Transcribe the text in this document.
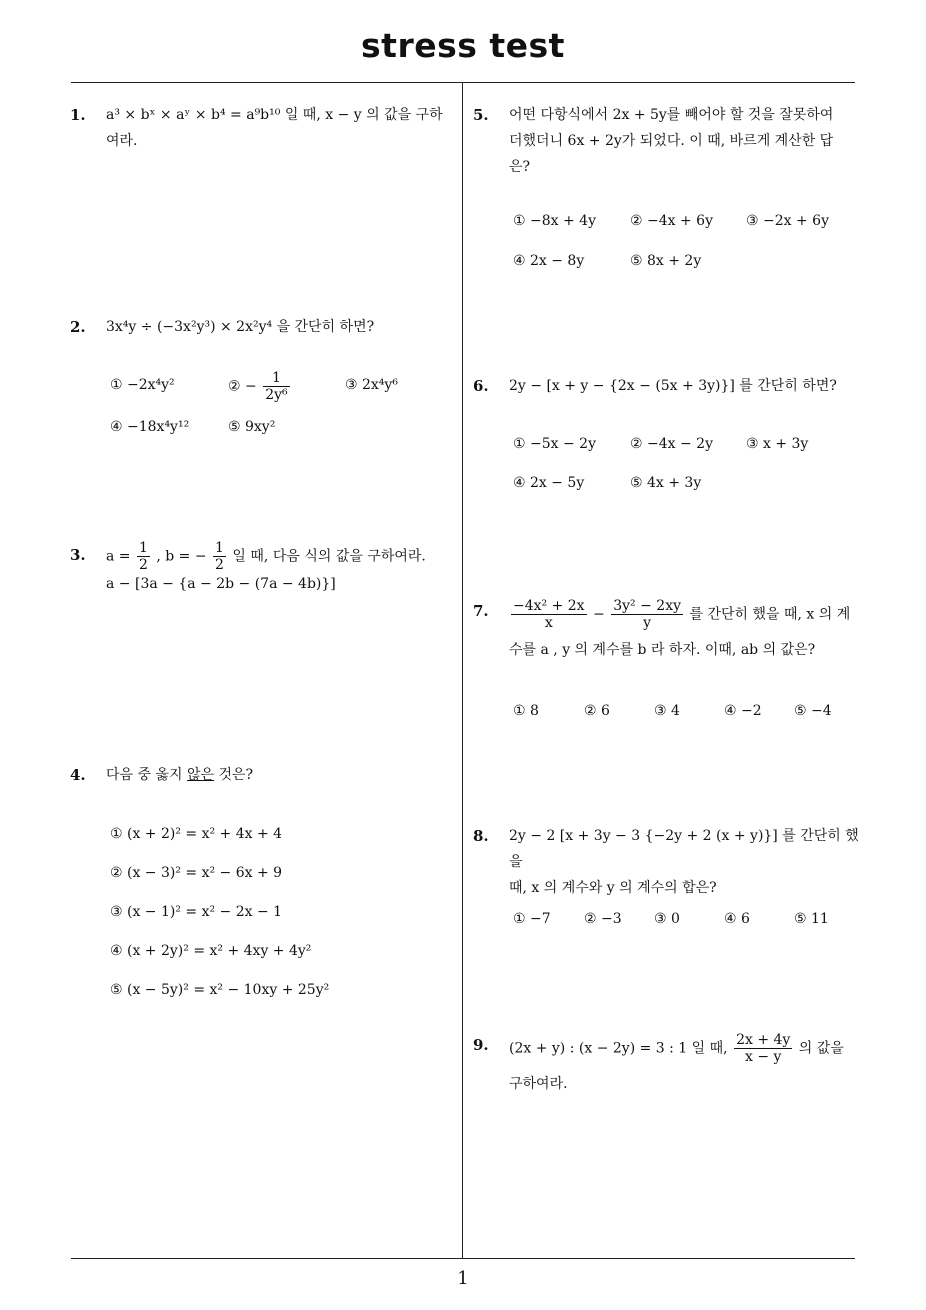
stress test
1. a³ × bˣ × aʸ × b⁴ = a⁹b¹⁰ 일 때, x − y 의 값을 구하
여라.
2. 3x⁴y ÷ (−3x²y³) × 2x²y⁴ 을 간단히 하면?
① −2x⁴y²	② − $\frac{1}{\text{2y⁶}}$	③ 2x⁴y⁶
④ −18x⁴y¹²	⑤ 9xy²
3. $a = \frac{1}{2}$ , b = − $\frac{1}{2}$ 일 때, 다음 식의 값을 구하여라.
a − [3a − {a − 2b − (7a − 4b)}]
4. 다음 중 옳지 않은 것은?
① (x + 2)² = x² + 4x + 4
② (x − 3)² = x² − 6x + 9
③ (x − 1)² = x² − 2x − 1
④ (x + 2y)² = x² + 4xy + 4y²
⑤ (x − 5y)² = x² − 10xy + 25y²
5. 어떤 다항식에서 2x + 5y를 빼어야 할 것을 잘못하여
더했더니 6x + 2y가 되었다. 이 때, 바르게 계산한 답
은?
① −8x + 4y ② −4x + 6y ③ −2x + 6y
④ 2x − 8y	⑤ 8x + 2y
6. 2y − [x + y − {2x − (5x + 3y)}] 를 간단히 하면?
① −5x − 2y ② −4x − 2y ③ x + 3y
④ 2x − 5y	⑤ 4x + 3y
7. $\frac{\text{−4x² + 2x}}{x} - \frac{\text{3y² − 2xy}}{y}$ 를 간단히 했을 때, x 의 계
수를 a , y 의 계수를 b 라 하자. 이때, ab 의 값은?
① 8	② 6	③ 4	④ −2 ⑤ −4
8. 2y − 2 [x + 3y − 3 {−2y + 2 (x + y)}] 를 간단히 했을
때, x 의 계수와 y 의 계수의 합은?
① −7 ② −3 ③ 0	④ 6	⑤ 11
9. (2x + y) : (x − 2y) = 3 : 1 일 때, $\frac{2x + 4y}{x - y}$ 의 값을
구하여라.
1
